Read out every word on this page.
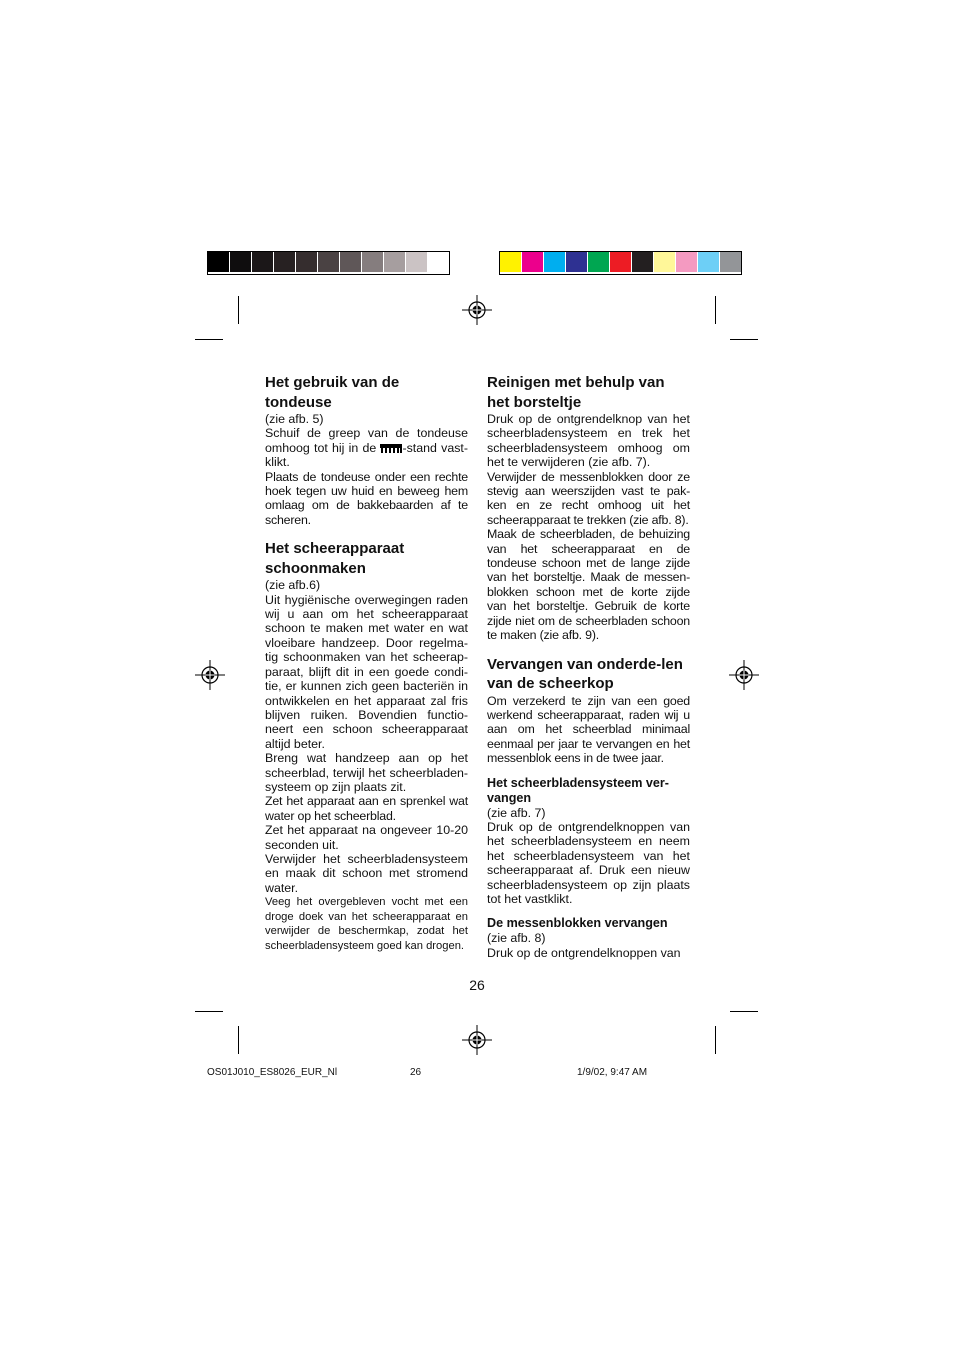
Het gebruik van de tondeuse

(zie afb. 5)

Schuif de greep van de tondeuse omhoog tot hij in de -stand vast-klikt.

Plaats de tondeuse onder een rechte hoek tegen uw huid en beweeg hem omlaag om de bakkebaarden af te scheren.

Het scheerapparaat schoonmaken

(zie afb.6)

Uit hygiënische overwegingen raden wij u aan om het scheerapparaat schoon te maken met water en wat vloeibare handzeep. Door regelma-tig schoonmaken van het scheerap-paraat, blijft dit in een goede condi-tie, er kunnen zich geen bacteriën in ontwikkelen en het apparaat zal fris blijven ruiken. Bovendien functio-neert een schoon scheerapparaat altijd beter.

Breng wat handzeep aan op het scheerblad, terwijl het scheerbladen-systeem op zijn plaats zit.

Zet het apparaat aan en sprenkel wat water op het scheerblad.

Zet het apparaat na ongeveer 10-20 seconden uit.

Verwijder het scheerbladensysteem en maak dit schoon met stromend water.

Veeg het overgebleven vocht met een droge doek van het scheerapparaat en verwijder de beschermkap, zodat het scheerbladensysteem goed kan drogen.

Reinigen met behulp van het borsteltje

Druk op de ontgrendelknop van het scheerbladensysteem en trek het scheerbladensysteem omhoog om het te verwijderen (zie afb. 7).

Verwijder de messenblokken door ze stevig aan weerszijden vast te pak-ken en ze recht omhoog uit het scheerapparaat te trekken (zie afb. 8).

Maak de scheerbladen, de behuizing van het scheerapparaat en de tondeuse schoon met de lange zijde van het borsteltje. Maak de messen-blokken schoon met de korte zijde van het borsteltje. Gebruik de korte zijde niet om de scheerbladen schoon te maken (zie afb. 9).

Vervangen van onderde-len van de scheerkop

Om verzekerd te zijn van een goed werkend scheerapparaat, raden wij u aan om het scheerblad minimaal eenmaal per jaar te vervangen en het messenblok eens in de twee jaar.

Het scheerbladensysteem ver-vangen

(zie afb. 7)

Druk op de ontgrendelknoppen van het scheerbladensysteem en neem het scheerbladensysteem van het scheerapparaat af. Druk een nieuw scheerbladensysteem op zijn plaats tot het vastklikt.

De messenblokken vervangen

(zie afb. 8)

Druk op de ontgrendelknoppen van

26
OS01J010_ES8026_EUR_Nl	26	1/9/02, 9:47 AM
